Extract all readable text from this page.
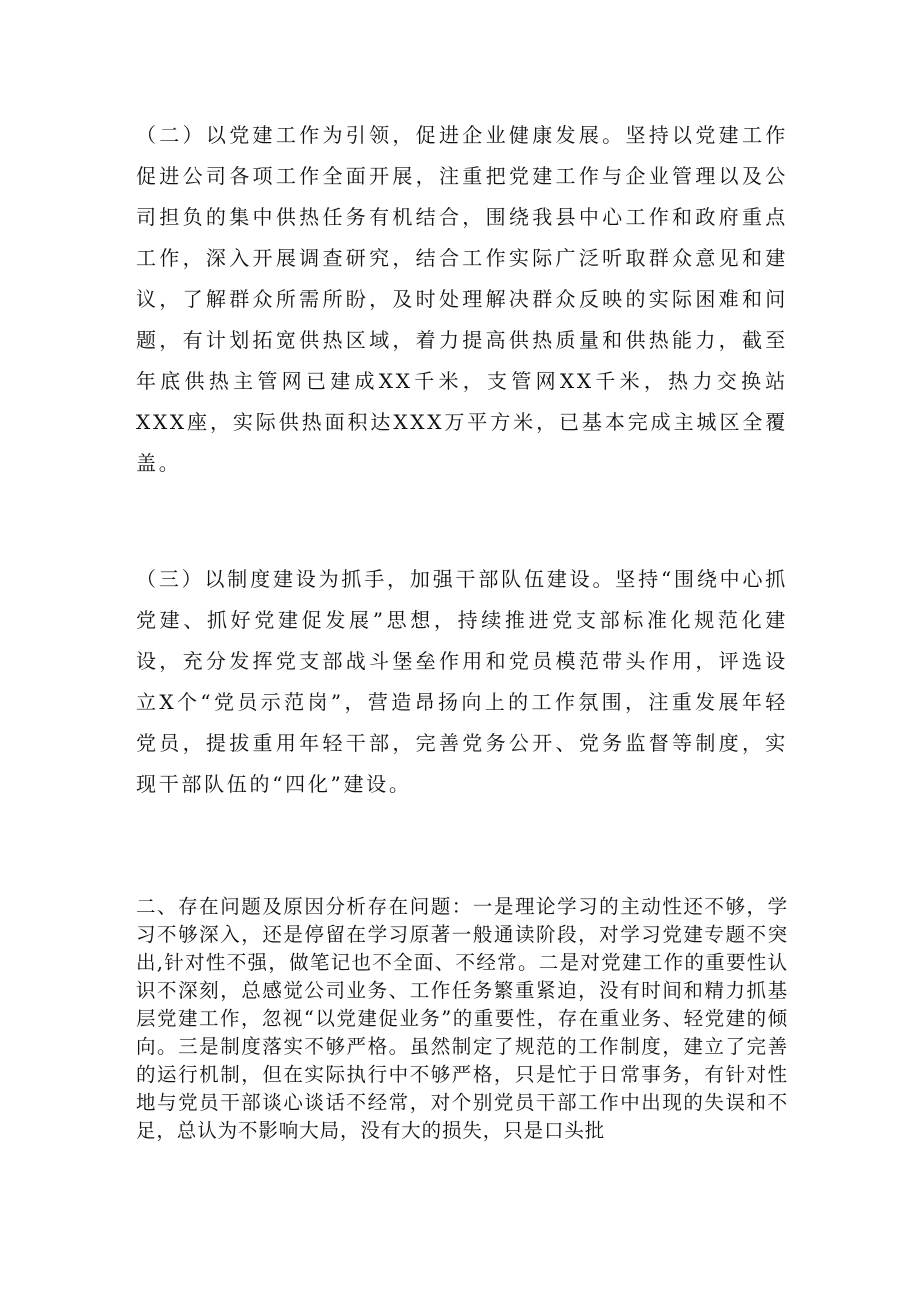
（二）以党建工作为引领，促进企业健康发展。坚持以党建工作促进公司各项工作全面开展，注重把党建工作与企业管理以及公司担负的集中供热任务有机结合，围绕我县中心工作和政府重点工作，深入开展调查研究，结合工作实际广泛听取群众意见和建议，了解群众所需所盼，及时处理解决群众反映的实际困难和问题，有计划拓宽供热区域，着力提高供热质量和供热能力，截至年底供热主管网已建成XX千米，支管网XX千米，热力交换站XXX座，实际供热面积达XXX万平方米，已基本完成主城区全覆盖。

（三）以制度建设为抓手，加强干部队伍建设。坚持“围绕中心抓党建、抓好党建促发展”思想，持续推进党支部标准化规范化建设，充分发挥党支部战斗堡垒作用和党员模范带头作用，评选设立X个“党员示范岗”，营造昂扬向上的工作氛围，注重发展年轻党员，提拔重用年轻干部，完善党务公开、党务监督等制度，实现干部队伍的“四化”建设。

二、存在问题及原因分析存在问题：一是理论学习的主动性还不够，学习不够深入，还是停留在学习原著一般通读阶段，对学习党建专题不突出,针对性不强，做笔记也不全面、不经常。二是对党建工作的重要性认识不深刻，总感觉公司业务、工作任务繁重紧迫，没有时间和精力抓基层党建工作，忽视“以党建促业务”的重要性，存在重业务、轻党建的倾向。三是制度落实不够严格。虽然制定了规范的工作制度，建立了完善的运行机制，但在实际执行中不够严格，只是忙于日常事务，有针对性地与党员干部谈心谈话不经常，对个别党员干部工作中出现的失误和不足，总认为不影响大局，没有大的损失，只是口头批
